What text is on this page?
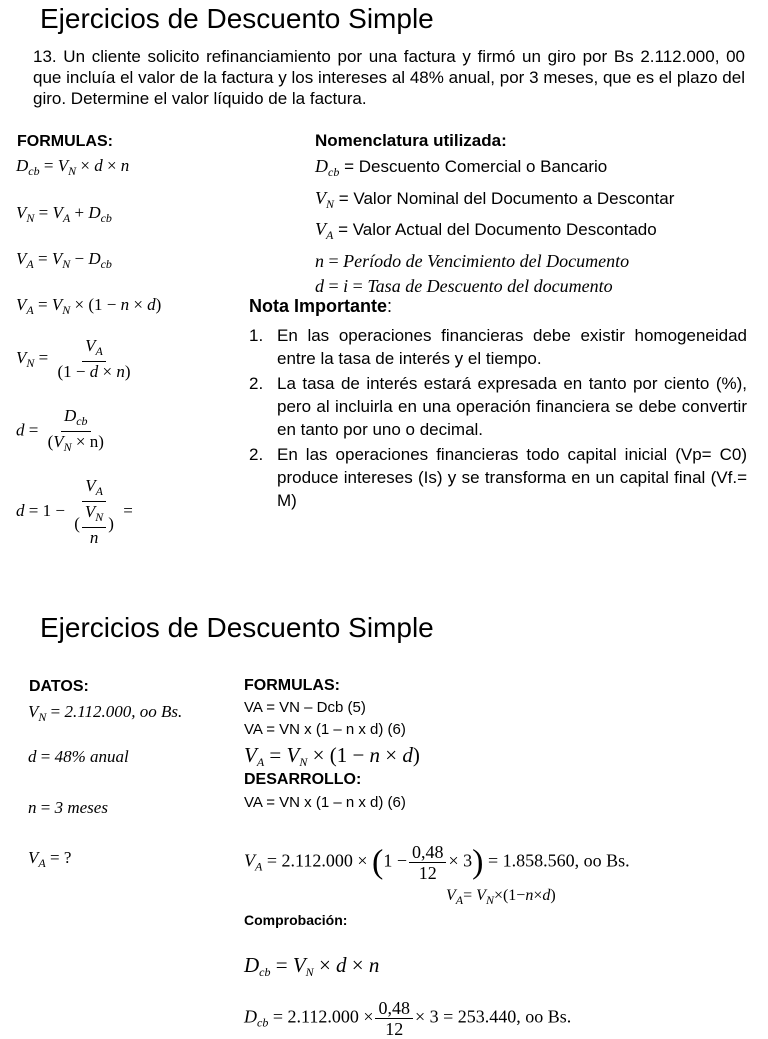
Ejercicios de Descuento Simple
13. Un cliente solicito refinanciamiento por una factura y firmó un giro por Bs 2.112.000, 00 que incluía el valor de la factura y los intereses al 48% anual, por 3 meses, que es el plazo del giro. Determine el valor líquido de la factura.
FORMULAS:
$D_{cb} = V_N \times d \times n$
$V_N = V_A + D_{cb}$
$V_A = V_N - D_{cb}$
$V_A = V_N \times (1 - n \times d)$
$V_N = \frac{V_A}{(1 - d \times n)}$
$d = \frac{D_{cb}}{(V_N \times n)}$
$d = 1 - \frac{V_A}{( \frac{V_N}{n} )}$ =
Nomenclatura utilizada:
$D_{cb}$ = Descuento Comercial o Bancario
$V_N$ = Valor Nominal del Documento a Descontar
$V_A$ = Valor Actual del Documento Descontado
n = Período de Vencimiento del Documento
d = i = Tasa de Descuento del documento
Nota Importante:
1. En las operaciones financieras debe existir homogeneidad entre la tasa de interés y el tiempo.
2. La tasa de interés estará expresada en tanto por ciento (%), pero al incluirla en una operación financiera se debe convertir en tanto por uno o decimal.
2. En las operaciones financieras todo capital inicial (Vp= C0) produce intereses (Is) y se transforma en un capital final (Vf.= M)
Ejercicios de Descuento Simple
DATOS:
$V_N = 2.112.000$, oo Bs.
d = 48% anual
n = 3 meses
$V_A$ = ?
FORMULAS:
VA = VN – Dcb (5)
VA = VN x (1 – n x d) (6)
$V_A = V_N \times (1 - n \times d)$
DESARROLLO:
VA = VN x (1 – n x d) (6)
$V_A = 2.112.000 \times (1 - \frac{0,48}{12} \times 3) = 1.858.560$, oo Bs.
$V_A= V_N\times(1-n\times d)$
Comprobación:
$D_{cb} = V_N \times d \times n$
$D_{cb} = 2.112.000 \times \frac{0,48}{12} \times 3 = 253.440$, oo Bs.
